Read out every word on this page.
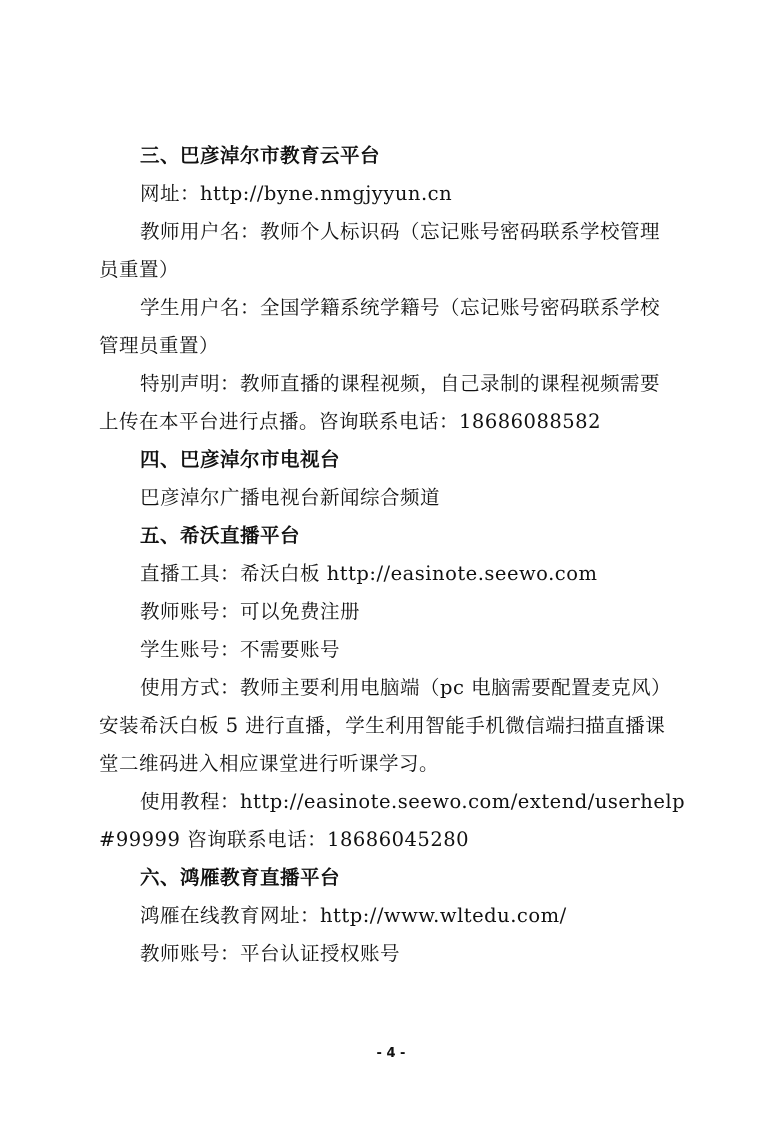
三、巴彦淖尔市教育云平台
网址：http://byne.nmgjyyun.cn
教师用户名：教师个人标识码（忘记账号密码联系学校管理
员重置）
学生用户名：全国学籍系统学籍号（忘记账号密码联系学校
管理员重置）
特别声明：教师直播的课程视频，自己录制的课程视频需要
上传在本平台进行点播。咨询联系电话：18686088582
四、巴彦淖尔市电视台
巴彦淖尔广播电视台新闻综合频道
五、希沃直播平台
直播工具：希沃白板 http://easinote.seewo.com
教师账号：可以免费注册
学生账号：不需要账号
使用方式：教师主要利用电脑端（pc 电脑需要配置麦克风）
安装希沃白板 5 进行直播，学生利用智能手机微信端扫描直播课
堂二维码进入相应课堂进行听课学习。
使用教程：http://easinote.seewo.com/extend/userhelp
#99999 咨询联系电话：18686045280
六、鸿雁教育直播平台
鸿雁在线教育网址：http://www.wltedu.com/
教师账号：平台认证授权账号
- 4 -
